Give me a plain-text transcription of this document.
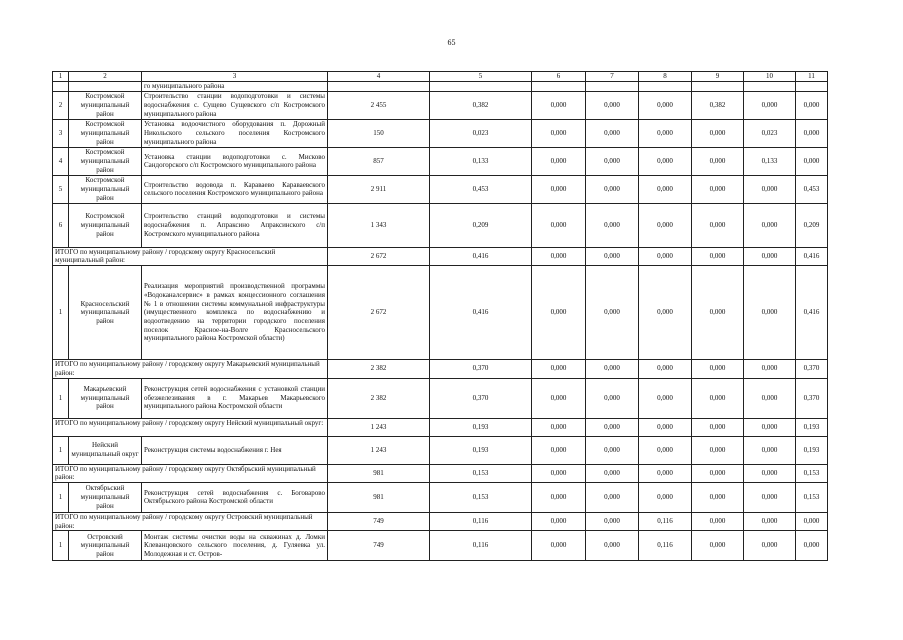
65
1	2	3	4	5	6	7	8	9	10	11
		го муниципального района								
2	Костромской муниципальный район	Строительство станции водоподготовки и системы водоснабжения с. Сущево Сущевского с/п Костромского муниципального района	2 455	0,382	0,000	0,000	0,000	0,382	0,000	0,000
3	Костромской муниципальный район	Установка водоочистного оборудования п. Дорожный Никольского сельского поселения Костромского муниципального района	150	0,023	0,000	0,000	0,000	0,000	0,023	0,000
4	Костромской муниципальный район	Установка станции водоподготовки с. Мисково Сандогорского с/п Костромского муниципального района	857	0,133	0,000	0,000	0,000	0,000	0,133	0,000
5	Костромской муниципальный район	Строительство водовода п. Караваево Караваевского сельского поселения Костромского муниципального района	2 911	0,453	0,000	0,000	0,000	0,000	0,000	0,453
6	Костромской муниципальный район	Строительство станций водоподготовки и системы водоснабжения п. Апраксино Апраксинского с/п Костромского муниципального района	1 343	0,209	0,000	0,000	0,000	0,000	0,000	0,209
ИТОГО по муниципальному району / городскому округу Красносельский муниципальный район:			2 672	0,416	0,000	0,000	0,000	0,000	0,000	0,416
1	Красносельский муниципальный район	Реализация мероприятий производственной программы «Водоканалсервис» в рамках концессионного соглашения № 1 в отношении системы коммунальной инфраструктуры (имущественного комплекса по водоснабжению и водоотведению на территории городского поселения поселок Красное-на-Волге Красносельского муниципального района Костромской области)	2 672	0,416	0,000	0,000	0,000	0,000	0,000	0,416
ИТОГО по муниципальному району / городскому округу Макарьевский муниципальный район:			2 382	0,370	0,000	0,000	0,000	0,000	0,000	0,370
1	Макарьевский муниципальный район	Реконструкция сетей водоснабжения с установкой станции обезжелезивания в г. Макарьев Макарьевского муниципального района Костромской области	2 382	0,370	0,000	0,000	0,000	0,000	0,000	0,370
ИТОГО по муниципальному району / городскому округу Нейский муниципальный округ:			1 243	0,193	0,000	0,000	0,000	0,000	0,000	0,193
1	Нейский муниципальный округ	Реконструкция системы водоснабжения г. Нея	1 243	0,193	0,000	0,000	0,000	0,000	0,000	0,193
ИТОГО по муниципальному району / городскому округу Октябрьский муниципальный район:			981	0,153	0,000	0,000	0,000	0,000	0,000	0,153
1	Октябрьский муниципальный район	Реконструкция сетей водоснабжения с. Боговарово Октябрьского района Костромской области	981	0,153	0,000	0,000	0,000	0,000	0,000	0,153
ИТОГО по муниципальному району / городскому округу Островский муниципальный район:			749	0,116	0,000	0,000	0,116	0,000	0,000	0,000
1	Островский муниципальный район	Монтаж системы очистки воды на скважинах д. Ломки Клеванцовского сельского поселения, д. Гуляевка ул. Молодежная и ст. Остров-	749	0,116	0,000	0,000	0,116	0,000	0,000	0,000
